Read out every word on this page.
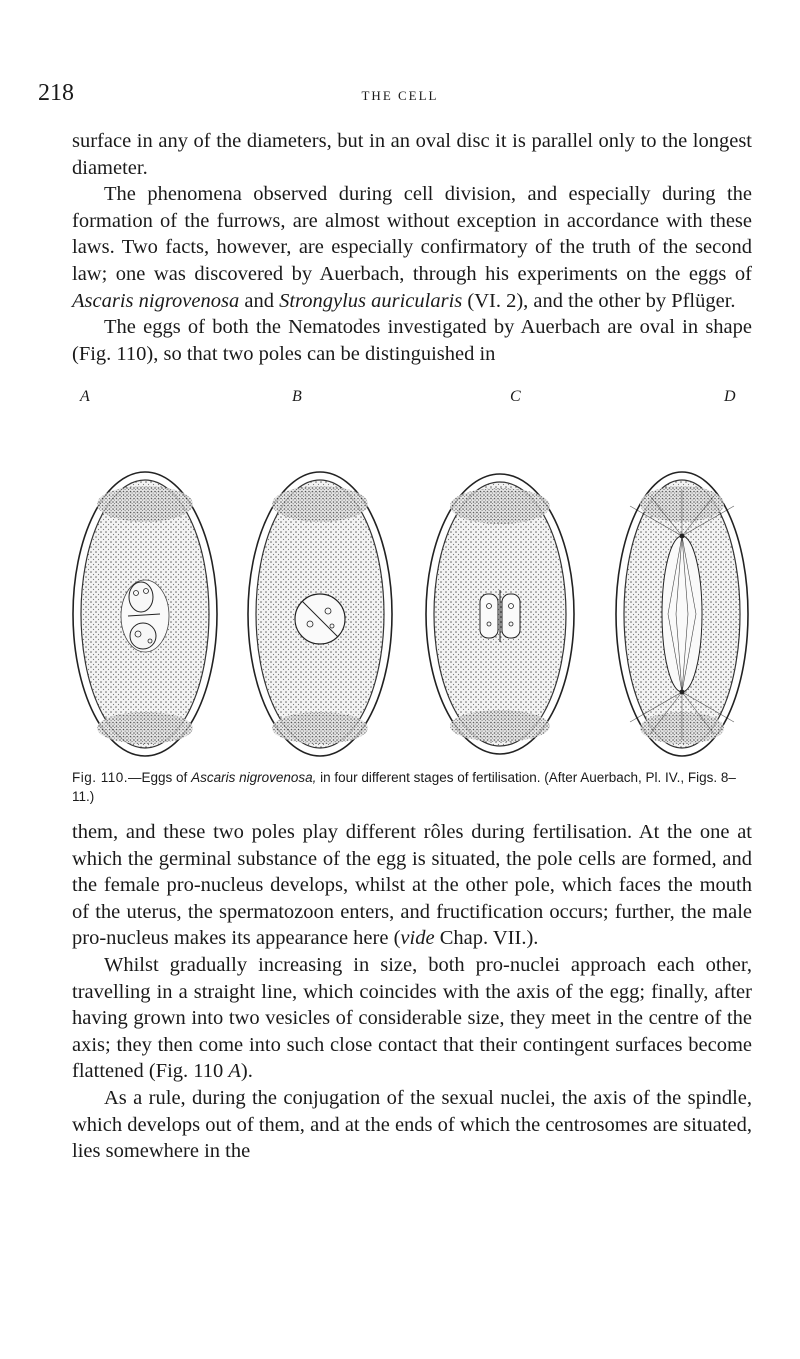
218	THE CELL

surface in any of the diameters, but in an oval disc it is parallel only to the longest diameter.

The phenomena observed during cell division, and especially during the formation of the furrows, are almost without exception in accordance with these laws. Two facts, however, are especially confirmatory of the truth of the second law; one was discovered by Auerbach, through his experiments on the eggs of Ascaris nigrovenosa and Strongylus auricularis (VI. 2), and the other by Pflüger.

The eggs of both the Nematodes investigated by Auerbach are oval in shape (Fig. 110), so that two poles can be distinguished in

A	B	C	D
Fig. 110.—Eggs of Ascaris nigrovenosa, in four different stages of fertilisation. (After Auerbach, Pl. IV., Figs. 8–11.)

them, and these two poles play different rôles during fertilisation. At the one at which the germinal substance of the egg is situated, the pole cells are formed, and the female pro-nucleus develops, whilst at the other pole, which faces the mouth of the uterus, the spermatozoon enters, and fructification occurs; further, the male pro-nucleus makes its appearance here (vide Chap. VII.).

Whilst gradually increasing in size, both pro-nuclei approach each other, travelling in a straight line, which coincides with the axis of the egg; finally, after having grown into two vesicles of considerable size, they meet in the centre of the axis; they then come into such close contact that their contingent surfaces become flattened (Fig. 110 A).

As a rule, during the conjugation of the sexual nuclei, the axis of the spindle, which develops out of them, and at the ends of which the centrosomes are situated, lies somewhere in the
